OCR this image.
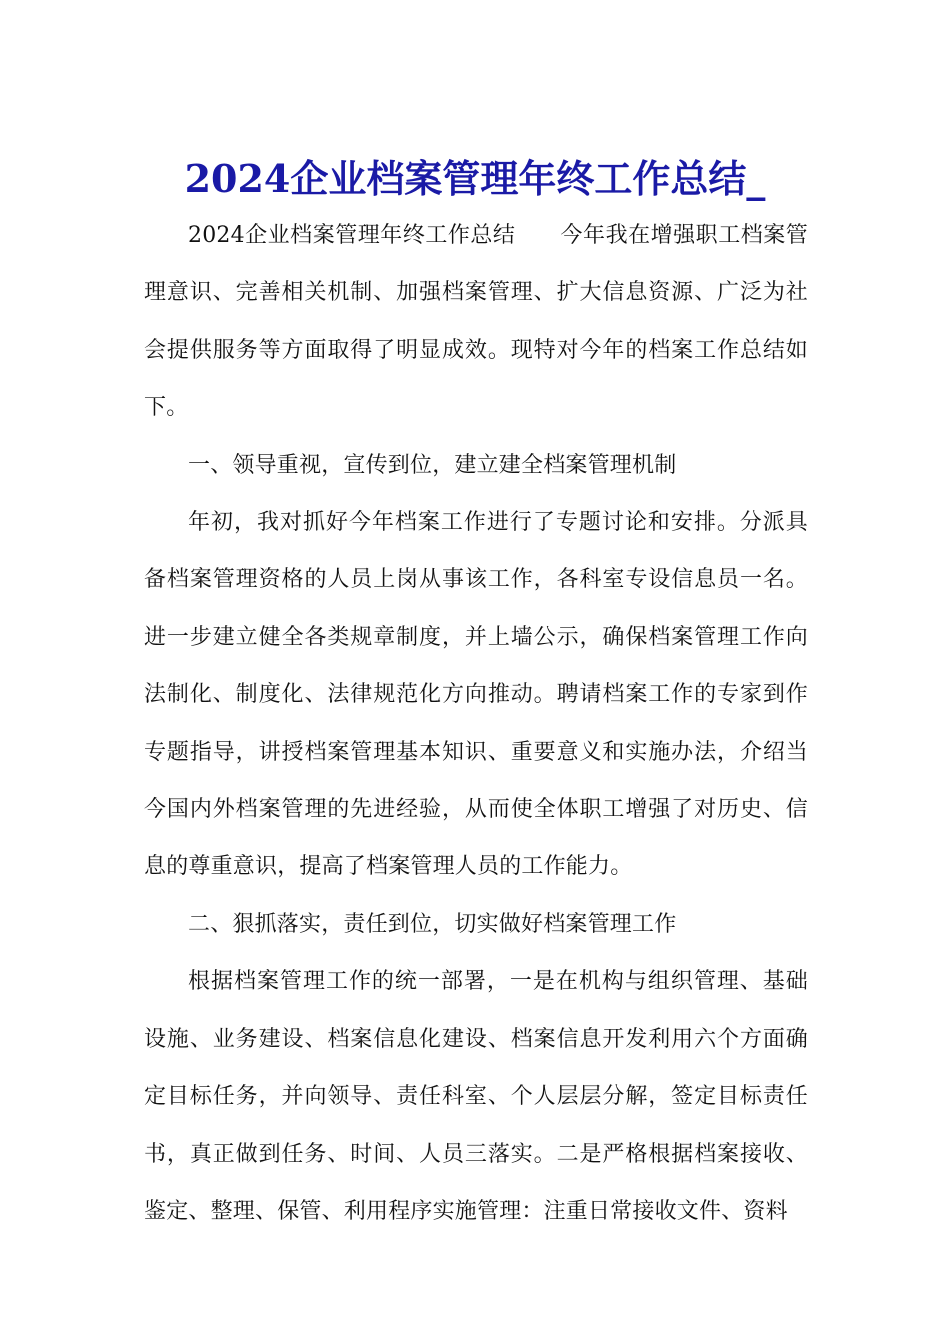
2024企业档案管理年终工作总结_

2024企业档案管理年终工作总结　　今年我在增强职工档案管理意识、完善相关机制、加强档案管理、扩大信息资源、广泛为社会提供服务等方面取得了明显成效。现特对今年的档案工作总结如下。

一、领导重视，宣传到位，建立建全档案管理机制

年初，我对抓好今年档案工作进行了专题讨论和安排。分派具备档案管理资格的人员上岗从事该工作，各科室专设信息员一名。进一步建立健全各类规章制度，并上墙公示，确保档案管理工作向法制化、制度化、法律规范化方向推动。聘请档案工作的专家到作专题指导，讲授档案管理基本知识、重要意义和实施办法，介绍当今国内外档案管理的先进经验，从而使全体职工增强了对历史、信息的尊重意识，提高了档案管理人员的工作能力。

二、狠抓落实，责任到位，切实做好档案管理工作

根据档案管理工作的统一部署，一是在机构与组织管理、基础设施、业务建设、档案信息化建设、档案信息开发利用六个方面确定目标任务，并向领导、责任科室、个人层层分解，签定目标责任书，真正做到任务、时间、人员三落实。二是严格根据档案接收、鉴定、整理、保管、利用程序实施管理：注重日常接收文件、资料
